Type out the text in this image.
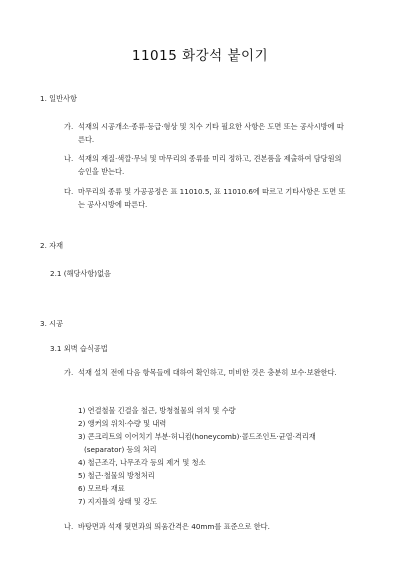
11015 화강석 붙이기
1. 일반사항
가. 석재의 시공개소·종류·등급·형상 및 치수 기타 필요한 사항은 도면 또는 공사시방에 따른다.
나. 석재의 재질·색깔·무늬 및 마무리의 종류를 미리 정하고, 견본품을 제출하여 담당원의 승인을 받는다.
다. 마무리의 종류 및 가공공정은 표 11010.5, 표 11010.6에 따르고 기타사항은 도면 또는 공사시방에 따른다.
2. 자재
2.1 (해당사항)없음
3. 시공
3.1 외벽 습식공법
가. 석재 설치 전에 다음 항목들에 대하여 확인하고, 미비한 것은 충분히 보수·보완한다.
1) 연결철물 긴결을 철근, 방청철물의 위치 및 수량
2) 앵커의 위치·수량 및 내력
3) 콘크리트의 이어치기 부분·허니컴(honeycomb)·콜드조인트·균열·격리재
(separator) 등의 처리
4) 철근조각, 나무조각 등의 제거 및 청소
5) 철근·철물의 방청처리
6) 모르타 재료
7) 지지틀의 상태 및 강도
나. 바탕면과 석재 뒷면과의 띄움간격은 40mm를 표준으로 한다.
